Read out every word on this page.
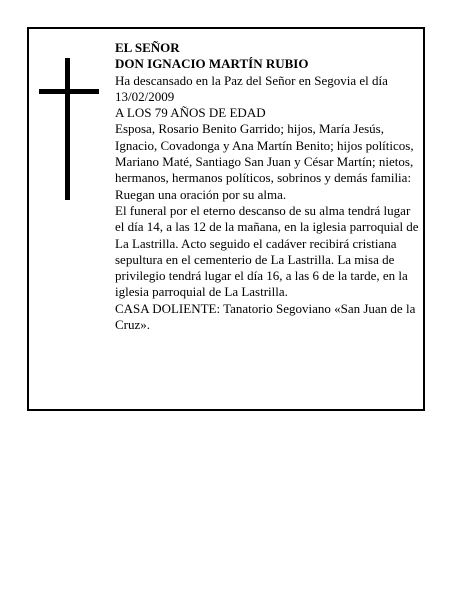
EL SEÑOR

DON IGNACIO MARTÍN RUBIO

Ha descansado en la Paz del Señor en Segovia el día 13/02/2009

A LOS 79 AÑOS DE EDAD

Esposa, Rosario Benito Garrido; hijos, María Jesús, Ignacio, Covadonga y Ana Martín Benito; hijos políticos, Mariano Maté, Santiago San Juan y César Martín; nietos, hermanos, hermanos políticos, sobrinos y demás familia:

Ruegan una oración por su alma.

El funeral por el eterno descanso de su alma tendrá lugar el día 14, a las 12 de la mañana, en la iglesia parroquial de La Lastrilla. Acto seguido el cadáver recibirá cristiana sepultura en el cementerio de La Lastrilla. La misa de privilegio tendrá lugar el día 16, a las 6 de la tarde, en la iglesia parroquial de La Lastrilla.

CASA DOLIENTE: Tanatorio Segoviano «San Juan de la Cruz».
